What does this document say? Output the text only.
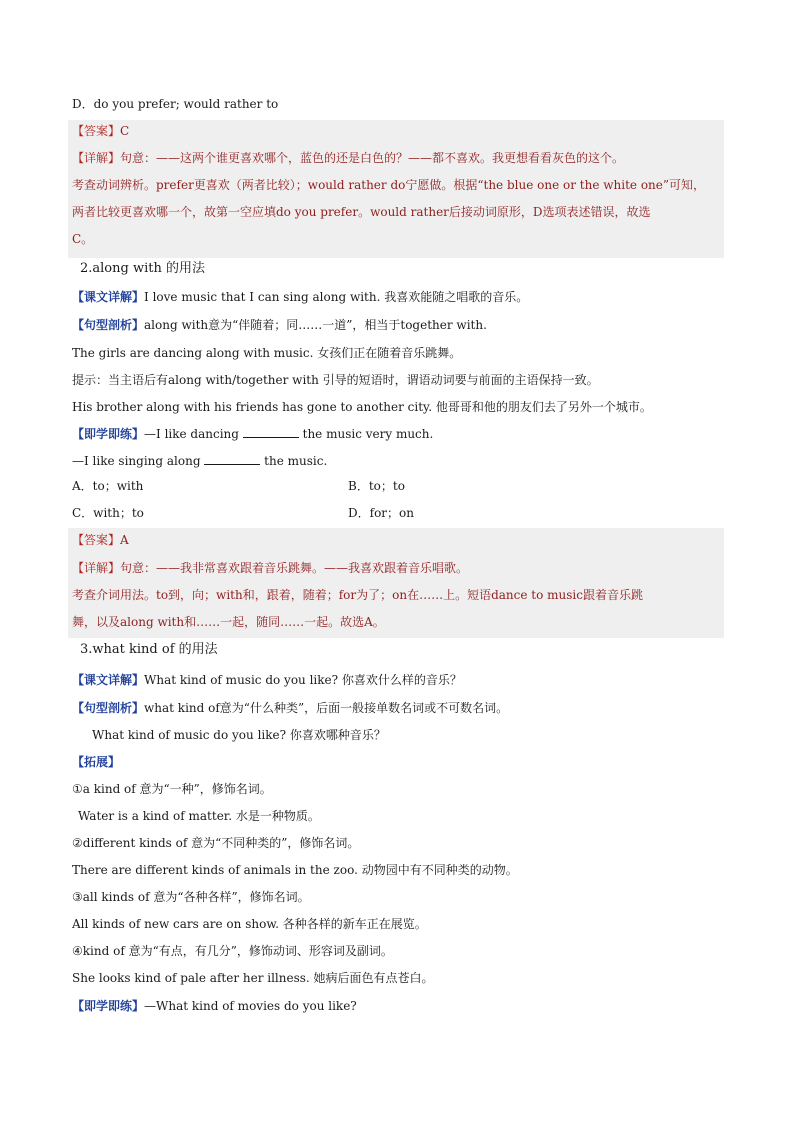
D．do you prefer; would rather to
【答案】C
【详解】句意：——这两个谁更喜欢哪个，蓝色的还是白色的？——都不喜欢。我更想看看灰色的这个。
考查动词辨析。prefer更喜欢（两者比较）；would rather do宁愿做。根据“the blue one or the white one”可知，
两者比较更喜欢哪一个，故第一空应填do you prefer。would rather后接动词原形，D选项表述错误，故选
C。
2.along with 的用法
【课文详解】I love music that I can sing along with. 我喜欢能随之唱歌的音乐。
【句型剖析】along with意为“伴随着；同……一道”，相当于together with.
The girls are dancing along with music. 女孩们正在随着音乐跳舞。
提示：当主语后有along with/together with 引导的短语时，谓语动词要与前面的主语保持一致。
His brother along with his friends has gone to another city. 他哥哥和他的朋友们去了另外一个城市。
【即学即练】—I like dancing	the music very much.
—I like singing along	the music.
A．to；with	B．to；to
C．with；to	D．for；on
【答案】A
【详解】句意：——我非常喜欢跟着音乐跳舞。——我喜欢跟着音乐唱歌。
考查介词用法。to到，向；with和，跟着，随着；for为了；on在……上。短语dance to music跟着音乐跳
舞，以及along with和……一起，随同……一起。故选A。
3.what kind of 的用法
【课文详解】What kind of music do you like? 你喜欢什么样的音乐？
【句型剖析】what kind of意为“什么种类”，后面一般接单数名词或不可数名词。
What kind of music do you like? 你喜欢哪种音乐？
【拓展】
①a kind of 意为“一种”，修饰名词。
Water is a kind of matter. 水是一种物质。
②different kinds of 意为“不同种类的”，修饰名词。
There are different kinds of animals in the zoo. 动物园中有不同种类的动物。
③all kinds of 意为“各种各样”，修饰名词。
All kinds of new cars are on show. 各种各样的新车正在展览。
④kind of 意为“有点，有几分”，修饰动词、形容词及副词。
She looks kind of pale after her illness. 她病后面色有点苍白。
【即学即练】—What kind of movies do you like?
